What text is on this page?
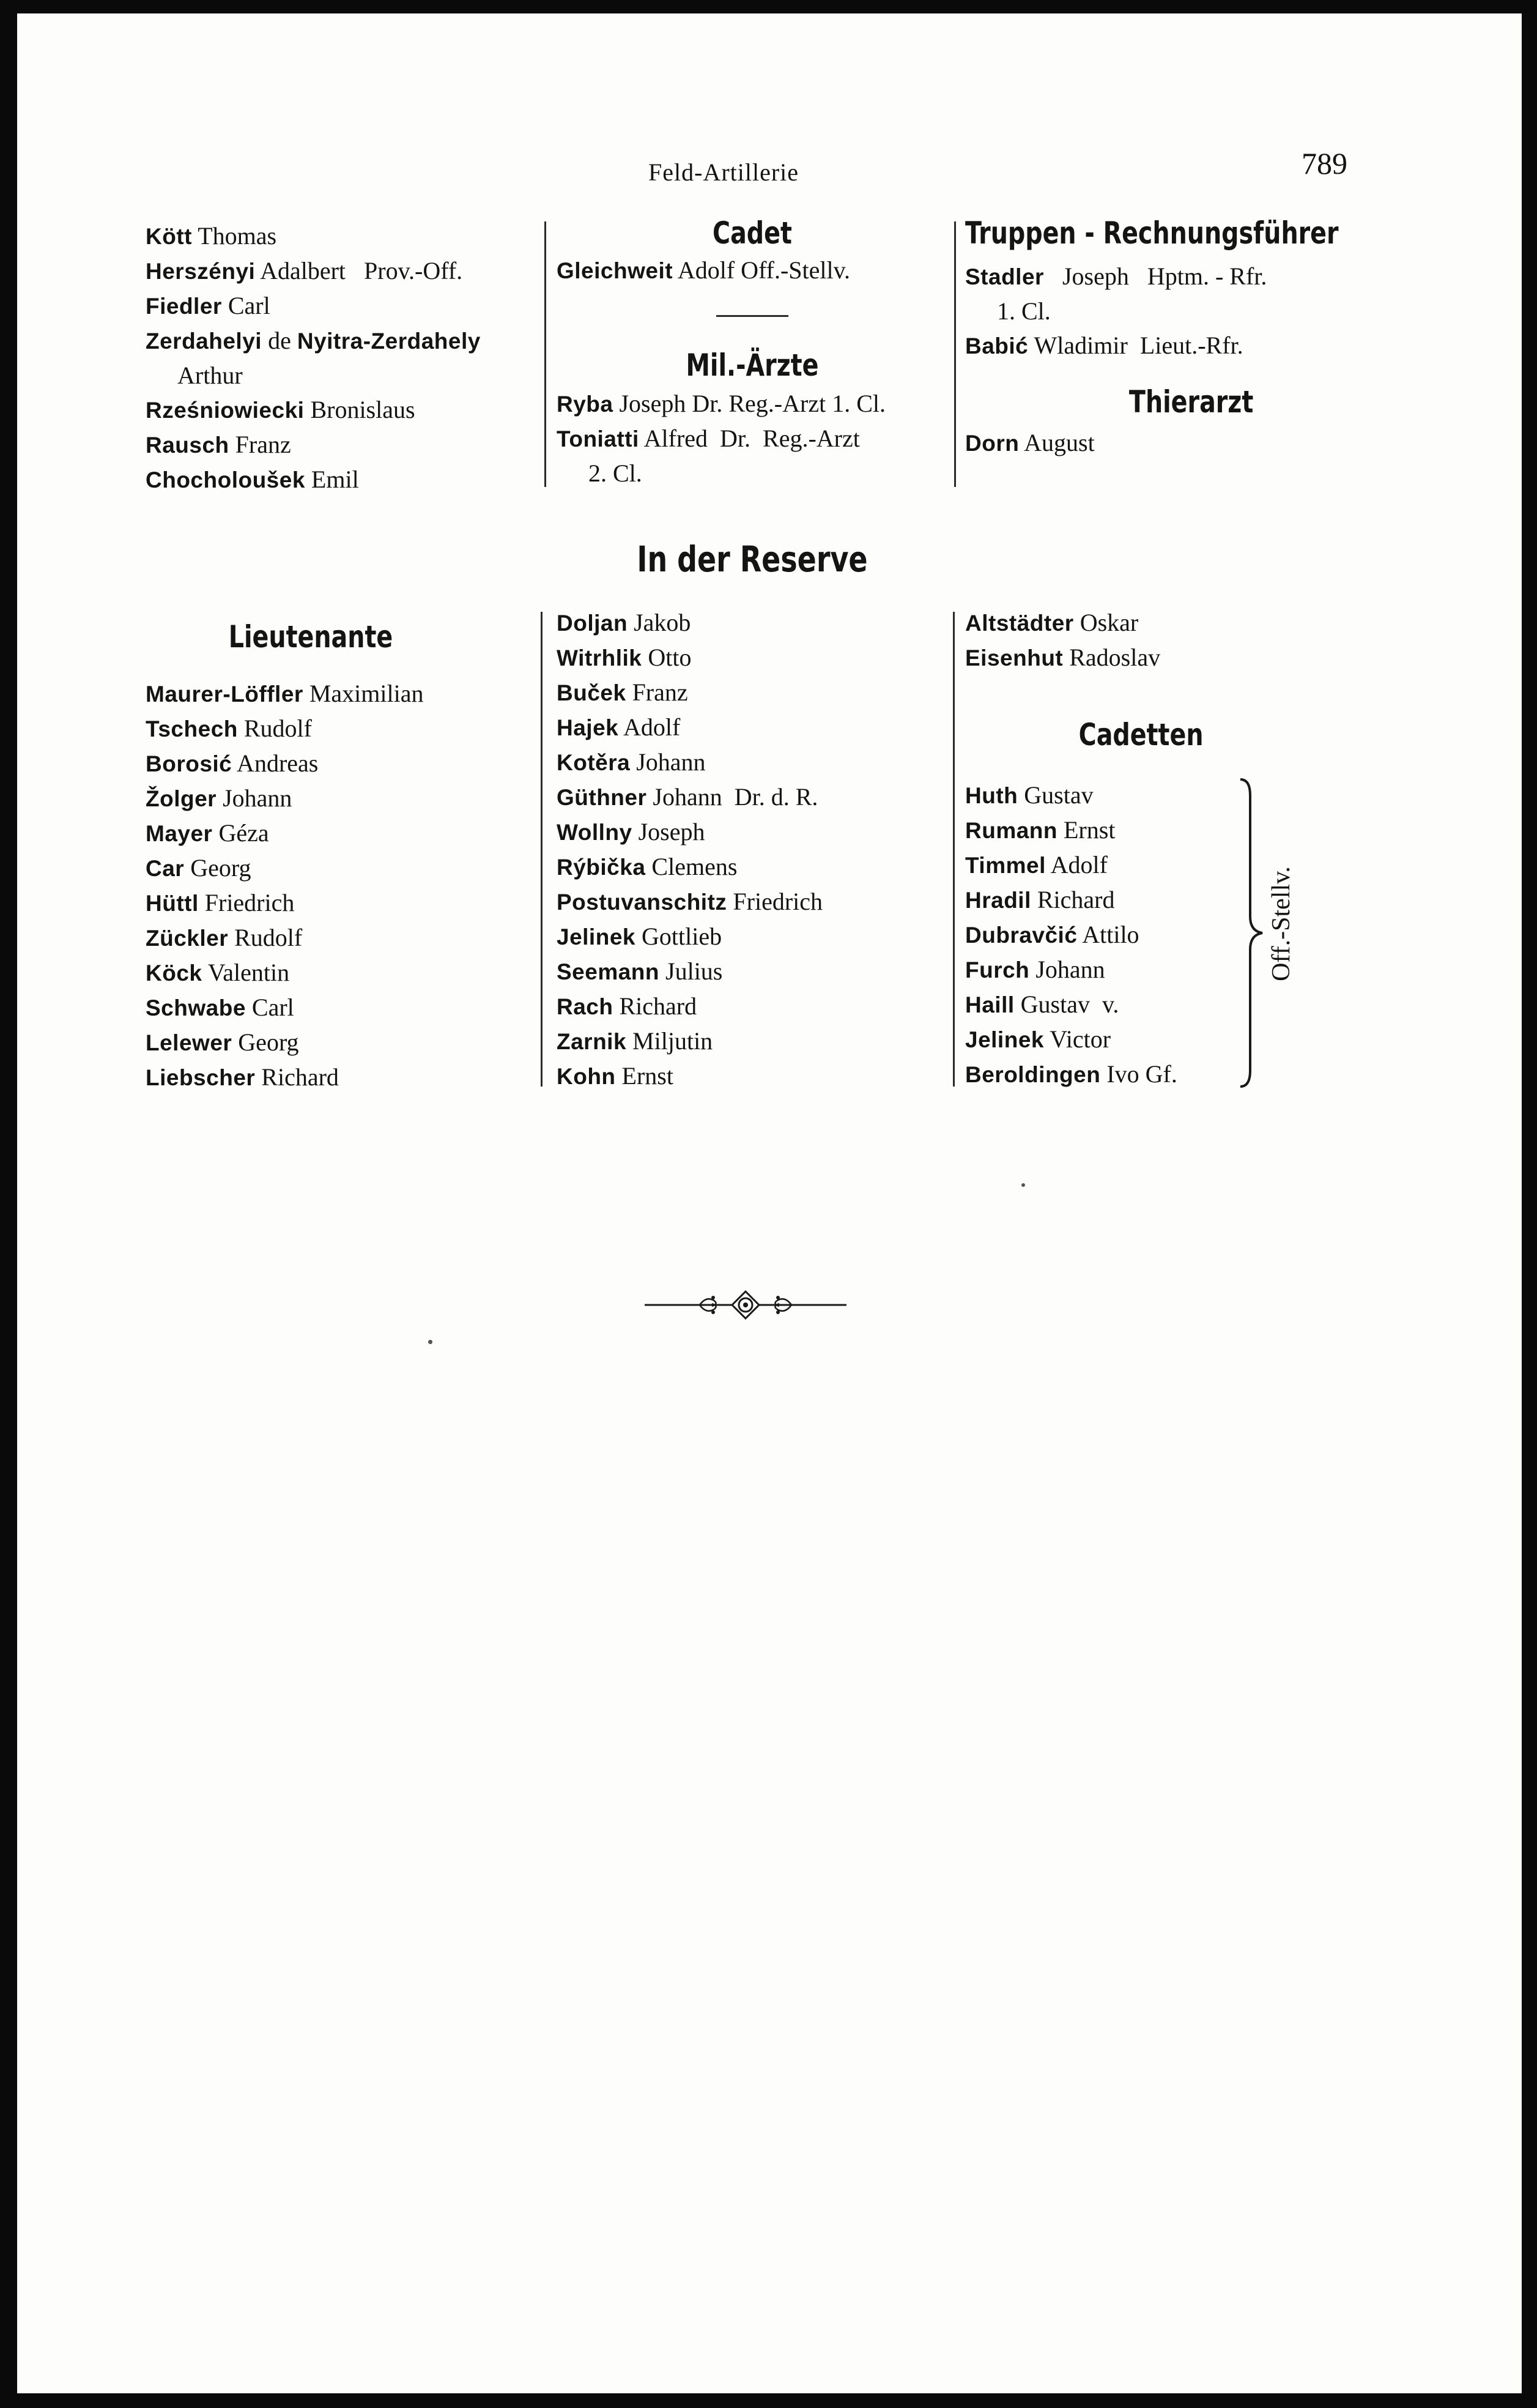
Feld-Artillerie	789
Kött Thomas
Herszényi Adalbert   Prov.-Off.
Fiedler Carl
Zerdahelyi de Nyitra-Zerdahely
Arthur
Rześniowiecki Bronislaus
Rausch Franz
Chocholoušek Emil
Lieutenante
Maurer-Löffler Maximilian
Tschech Rudolf
Borosić Andreas
Žolger Johann
Mayer Géza
Car Georg
Hüttl Friedrich
Zückler Rudolf
Köck Valentin
Schwabe Carl
Lelewer Georg
Liebscher Richard
Cadet
Gleichweit Adolf Off.-Stellv.
Mil.-Ärzte
Ryba Joseph Dr. Reg.-Arzt 1. Cl.
Toniatti Alfred  Dr.  Reg.-Arzt
2. Cl.
In der Reserve
Doljan Jakob
Witrhlik Otto
Buček Franz
Hajek Adolf
Kotěra Johann
Güthner Johann  Dr. d. R.
Wollny Joseph
Rýbička Clemens
Postuvanschitz Friedrich
Jelinek Gottlieb
Seemann Julius
Rach Richard
Zarnik Miljutin
Kohn Ernst
Truppen - Rechnungsführer
Stadler   Joseph   Hptm. - Rfr.
1. Cl.
Babić Wladimir  Lieut.-Rfr.
Thierarzt
Dorn August
Altstädter Oskar
Eisenhut Radoslav
Cadetten
Huth Gustav
Rumann Ernst
Timmel Adolf
Hradil Richard
Dubravčić Attilo
Furch Johann
Haill Gustav  v.
Jelinek Victor
Beroldingen Ivo Gf.
Off.-Stellv.
